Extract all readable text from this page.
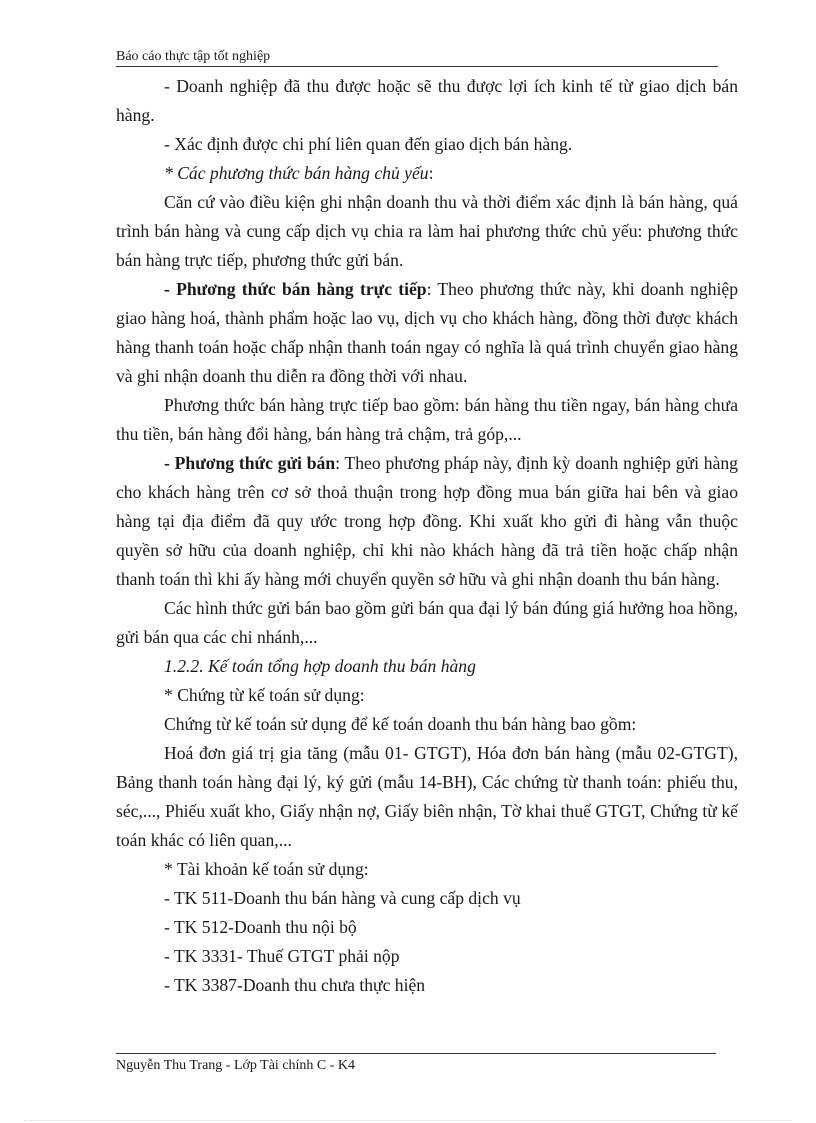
Báo cáo thực tập tốt nghiệp

- Doanh nghiệp đã thu được hoặc sẽ thu được lợi ích kinh tế từ giao dịch bán hàng.

- Xác định được chi phí liên quan đến giao dịch bán hàng.

* Các phương thức bán hàng chủ yếu:

Căn cứ vào điều kiện ghi nhận doanh thu và thời điểm xác định là bán hàng, quá trình bán hàng và cung cấp dịch vụ chia ra làm hai phương thức chủ yếu: phương thức bán hàng trực tiếp, phương thức gửi bán.

- Phương thức bán hàng trực tiếp: Theo phương thức này, khi doanh nghiệp giao hàng hoá, thành phẩm hoặc lao vụ, dịch vụ cho khách hàng, đồng thời được khách hàng thanh toán hoặc chấp nhận thanh toán ngay có nghĩa là quá trình chuyển giao hàng và ghi nhận doanh thu diễn ra đồng thời với nhau.

Phương thức bán hàng trực tiếp bao gồm: bán hàng thu tiền ngay, bán hàng chưa thu tiền, bán hàng đổi hàng, bán hàng trả chậm, trả góp,...

- Phương thức gửi bán: Theo phương pháp này, định kỳ doanh nghiệp gửi hàng cho khách hàng trên cơ sở thoả thuận trong hợp đồng mua bán giữa hai bên và giao hàng tại địa điểm đã quy ước trong hợp đồng. Khi xuất kho gửi đi hàng vẫn thuộc quyền sở hữu của doanh nghiệp, chỉ khi nào khách hàng đã trả tiền hoặc chấp nhận thanh toán thì khi ấy hàng mới chuyển quyền sở hữu và ghi nhận doanh thu bán hàng.

Các hình thức gửi bán bao gồm gửi bán qua đại lý bán đúng giá hưởng hoa hồng, gửi bán qua các chi nhánh,...

1.2.2. Kế toán tổng hợp doanh thu bán hàng

* Chứng từ kế toán sử dụng:

Chứng từ kế toán sử dụng để kế toán doanh thu bán hàng bao gồm:

Hoá đơn giá trị gia tăng (mẫu 01- GTGT), Hóa đơn bán hàng (mẫu 02-GTGT), Bảng thanh toán hàng đại lý, ký gửi (mẫu 14-BH), Các chứng từ thanh toán: phiếu thu, séc,..., Phiếu xuất kho, Giấy nhận nợ, Giấy biên nhận, Tờ khai thuế GTGT, Chứng từ kế toán khác có liên quan,...

* Tài khoản kế toán sử dụng:

- TK 511-Doanh thu bán hàng và cung cấp dịch vụ

- TK 512-Doanh thu nội bộ

- TK 3331- Thuế GTGT phải nộp

- TK 3387-Doanh thu chưa thực hiện

Nguyễn Thu Trang - Lớp Tài chính C - K4
